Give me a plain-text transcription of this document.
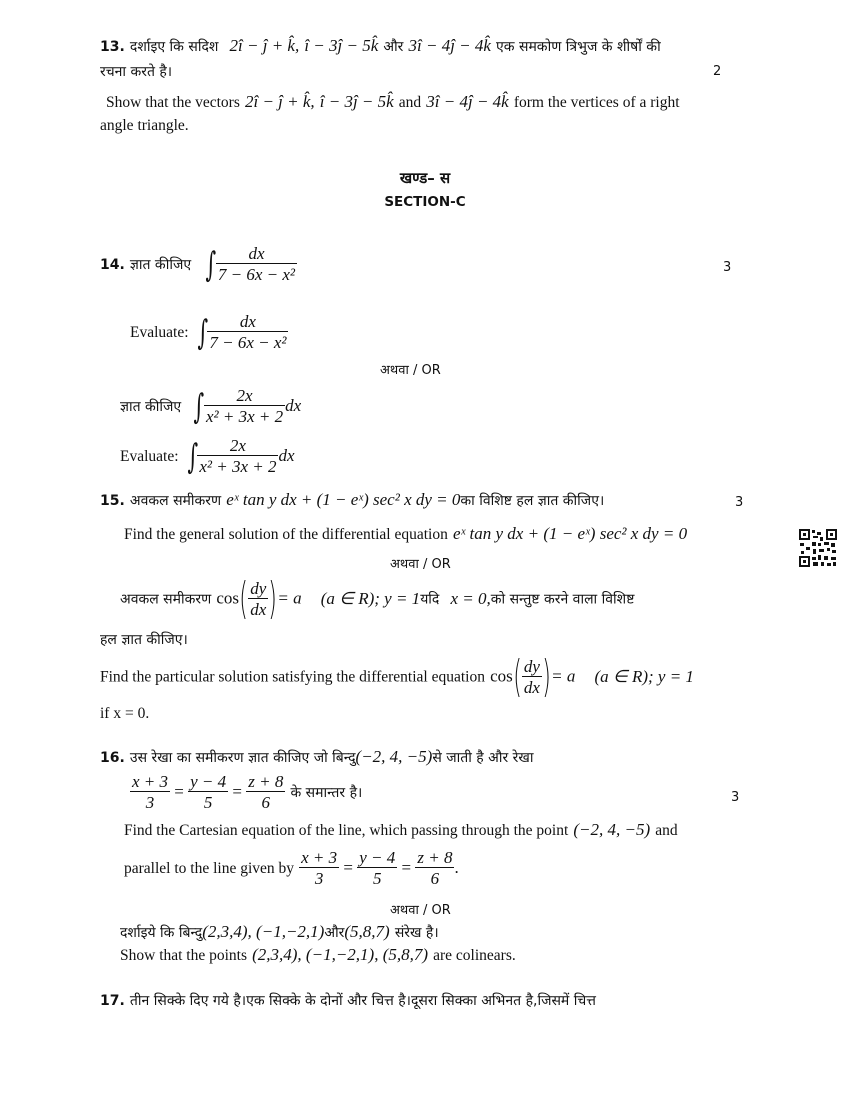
13. दर्शाइए कि सदिश 2î − ĵ + k̂, î − 3ĵ − 5k̂ और 3î − 4ĵ − 4k̂ एक समकोण त्रिभुज के शीर्षों की
रचना करते है।	2
Show that the vectors 2î − ĵ + k̂, î − 3ĵ − 5k̂ and 3î − 4ĵ − 4k̂ form the vertices of a right
angle triangle.
खण्ड– स
SECTION-C
14. ज्ञात कीजिए ∫ $\frac{dx}{\text{7 − 6x − x²}}$	3
Evaluate: ∫ $\frac{dx}{\text{7 − 6x − x²}}$
अथवा / OR
ज्ञात कीजिए ∫ $\frac{2x}{\text{x² + 3x + 2}}$ dx
Evaluate: ∫ $\frac{2x}{\text{x² + 3x + 2}}$ dx
15. अवकल समीकरण eˣ tan y dx + (1 − eˣ) sec² x dy = 0का विशिष्ट हल ज्ञात कीजिए।	3
Find the general solution of the differential equation eˣ tan y dx + (1 − eˣ) sec² x dy = 0
अथवा / OR
अवकल समीकरण $\cos( \frac{dy}{dx}$ )= a (a ∈ R); y = 1यदि x = 0,को सन्तुष्ट करने वाला विशिष्ट
हल ज्ञात कीजिए।
Find the particular solution satisfying the differential equation $\cos( \frac{dy}{dx}$ )= a (a ∈ R); y = 1
if x = 0.
16. उस रेखा का समीकरण ज्ञात कीजिए जो बिन्दु(−2, 4, −5)से जाती है और रेखा
$\frac{x + 3}{3} = \frac{y - 4}{5} = \frac{z + 8}{6}$ के समान्तर है।	3
Find the Cartesian equation of the line, which passing through the point (−2, 4, −5) and
parallel to the line given by $\frac{x + 3}{3} = \frac{y - 4}{5} = \frac{z + 8}{6}$ .
अथवा / OR
दर्शाइये कि बिन्दु(2,3,4), (−1,−2,1)और(5,8,7) संरेख है।
Show that the points (2,3,4), (−1,−2,1), (5,8,7) are colinears.
17. तीन सिक्के दिए गये है।एक सिक्के के दोनों और चित्त है।दूसरा सिक्का अभिनत है,जिसमें चित्त
